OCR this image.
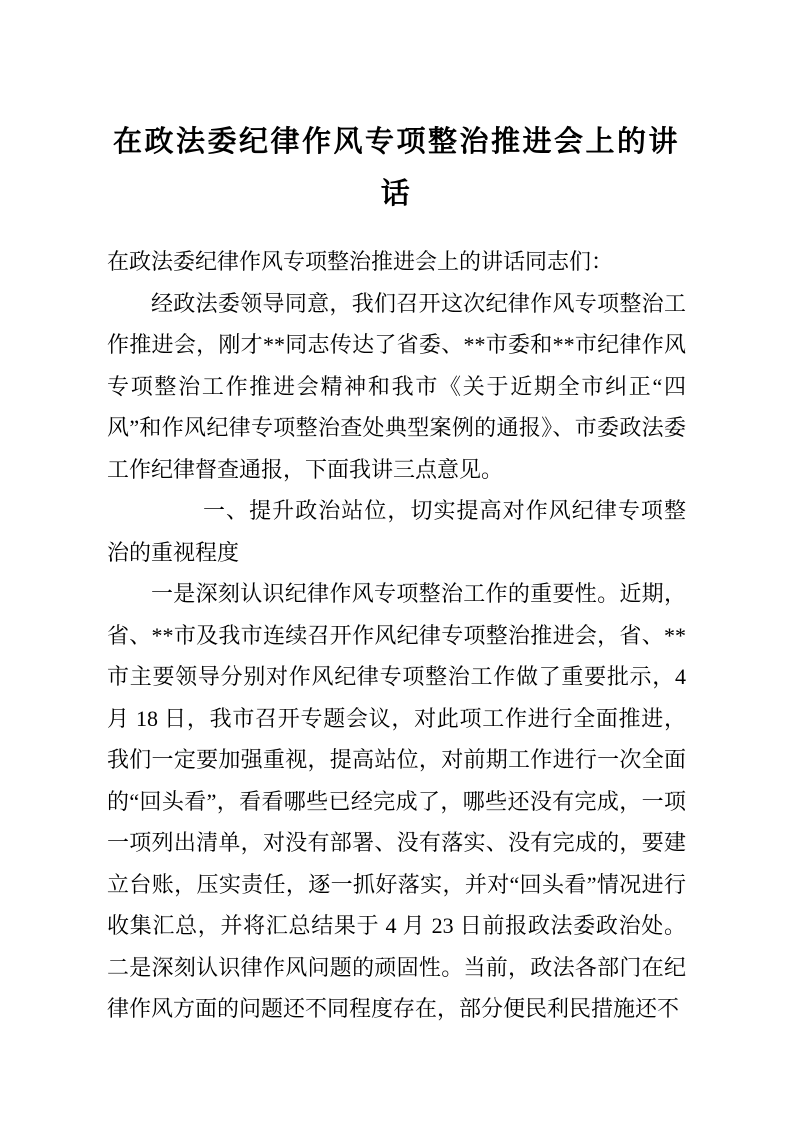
在政法委纪律作风专项整治推进会上的讲话

在政法委纪律作风专项整治推进会上的讲话同志们：

经政法委领导同意，我们召开这次纪律作风专项整治工作推进会，刚才**同志传达了省委、**市委和**市纪律作风专项整治工作推进会精神和我市《关于近期全市纠正“四风”和作风纪律专项整治查处典型案例的通报》、市委政法委工作纪律督查通报，下面我讲三点意见。

一、提升政治站位，切实提高对作风纪律专项整治的重视程度

一是深刻认识纪律作风专项整治工作的重要性。近期，省、**市及我市连续召开作风纪律专项整治推进会，省、**市主要领导分别对作风纪律专项整治工作做了重要批示，4 月 18 日，我市召开专题会议，对此项工作进行全面推进，我们一定要加强重视，提高站位，对前期工作进行一次全面的“回头看”，看看哪些已经完成了，哪些还没有完成，一项一项列出清单，对没有部署、没有落实、没有完成的，要建立台账，压实责任，逐一抓好落实，并对“回头看”情况进行收集汇总，并将汇总结果于 4 月 23 日前报政法委政治处。二是深刻认识律作风问题的顽固性。当前，政法各部门在纪律作风方面的问题还不同程度存在，部分便民利民措施还不
